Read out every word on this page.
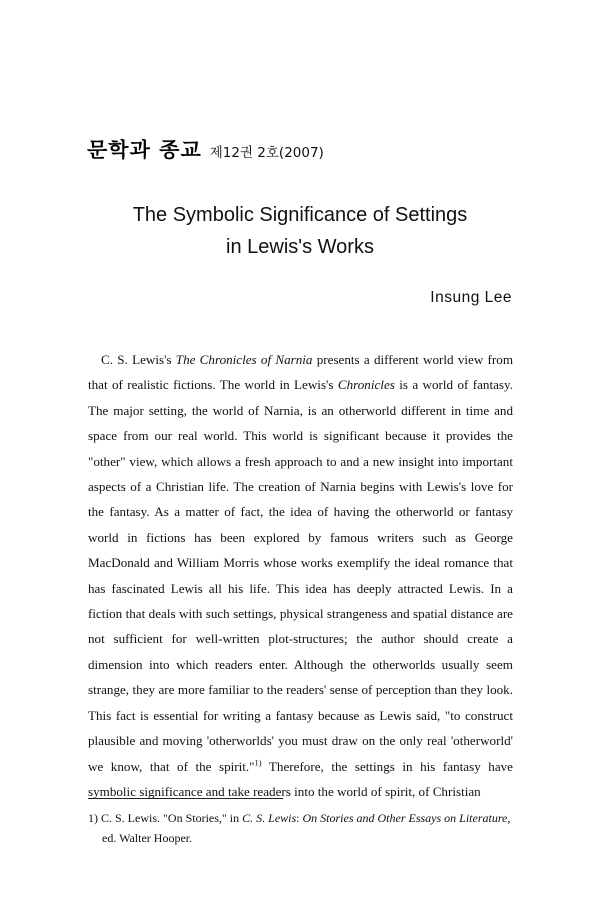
문학과 종교 제12권 2호(2007)
The Symbolic Significance of Settings
in Lewis's Works
Insung Lee

C. S. Lewis's The Chronicles of Narnia presents a different world view from that of realistic fictions. The world in Lewis's Chronicles is a world of fantasy. The major setting, the world of Narnia, is an otherworld different in time and space from our real world. This world is significant because it provides the "other" view, which allows a fresh approach to and a new insight into important aspects of a Christian life. The creation of Narnia begins with Lewis's love for the fantasy. As a matter of fact, the idea of having the otherworld or fantasy world in fictions has been explored by famous writers such as George MacDonald and William Morris whose works exemplify the ideal romance that has fascinated Lewis all his life. This idea has deeply attracted Lewis. In a fiction that deals with such settings, physical strangeness and spatial distance are not sufficient for well-written plot-structures; the author should create a dimension into which readers enter. Although the otherworlds usually seem strange, they are more familiar to the readers' sense of perception than they look. This fact is essential for writing a fantasy because as Lewis said, "to construct plausible and moving 'otherworlds' you must draw on the only real 'otherworld' we know, that of the spirit."$^{1)}$ Therefore, the settings in his fantasy have symbolic significance and take readers into the world of spirit, of Christian

1) C. S. Lewis. "On Stories," in C. S. Lewis: On Stories and Other Essays on Literature,
ed. Walter Hooper.
